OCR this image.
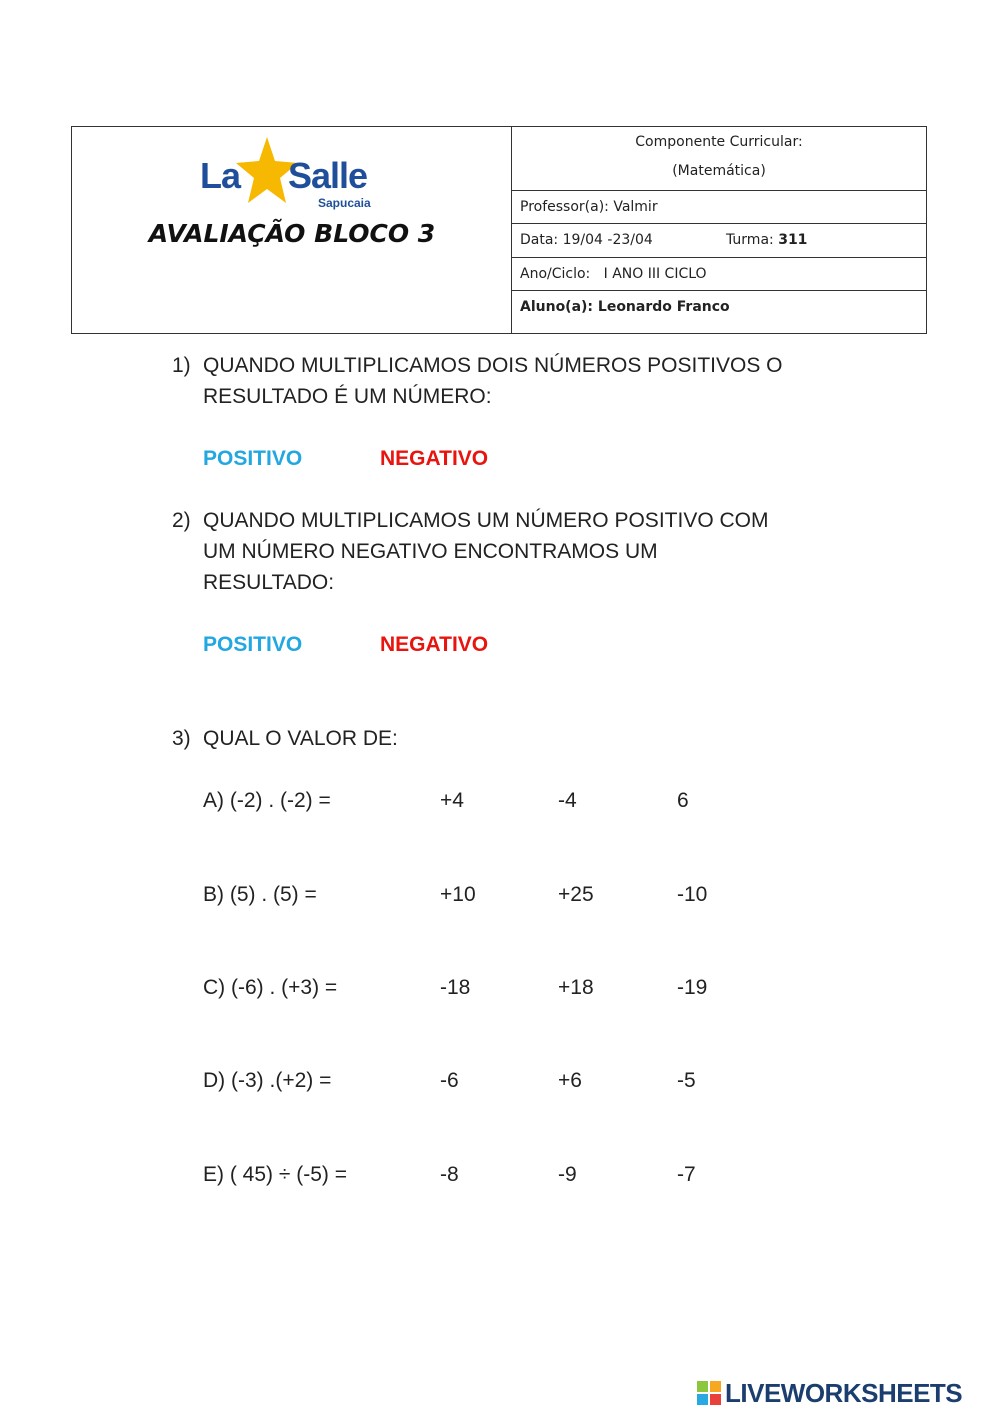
La Salle
Sapucaia
AVALIAÇÃO BLOCO 3
Componente Curricular:
(Matemática)
Professor(a): Valmir
Data: 19/04 -23/04	Turma: 311
Ano/Ciclo:   I ANO III CICLO
Aluno(a): Leonardo Franco
1) QUANDO MULTIPLICAMOS DOIS NÚMEROS POSITIVOS O
RESULTADO É UM NÚMERO:
POSITIVO	NEGATIVO
2) QUANDO MULTIPLICAMOS UM NÚMERO POSITIVO COM
UM NÚMERO NEGATIVO ENCONTRAMOS UM
RESULTADO:
POSITIVO	NEGATIVO
3) QUAL O VALOR DE:
A) (-2) . (-2) =	+4	-4	6
B) (5) . (5) =	+10	+25	-10
C) (-6) . (+3) =	-18	+18	-19
D) (-3) .(+2) =	-6	+6	-5
E) ( 45) ÷ (-5) =	-8	-9	-7
LIVEWORKSHEETS
